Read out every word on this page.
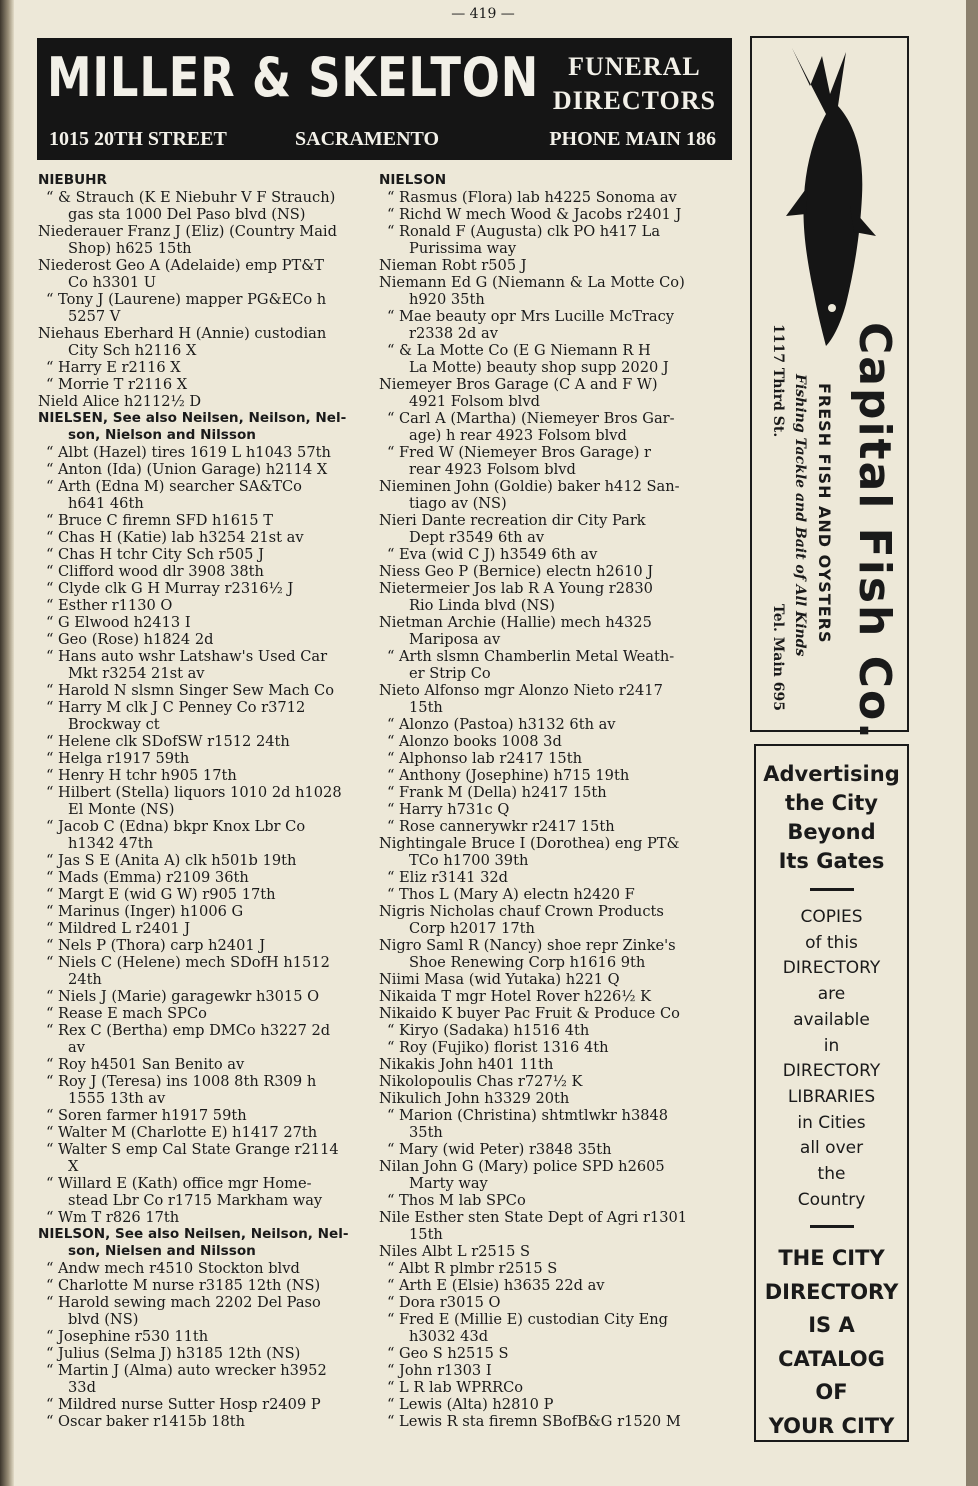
— 419 —
MILLER & SKELTON	FUNERAL
DIRECTORS
1015 20TH STREET	SACRAMENTO	PHONE MAIN 186
NIEBUHR
“ & Strauch (K E Niebuhr V F Strauch)
gas sta 1000 Del Paso blvd (NS)
Niederauer Franz J (Eliz) (Country Maid
Shop) h625 15th
Niederost Geo A (Adelaide) emp PT&T
Co h3301 U
“ Tony J (Laurene) mapper PG&ECo h
5257 V
Niehaus Eberhard H (Annie) custodian
City Sch h2116 X
“ Harry E r2116 X
“ Morrie T r2116 X
Nield Alice h2112½ D
NIELSEN, See also Neilsen, Neilson, Nel-
son, Nielson and Nilsson
“ Albt (Hazel) tires 1619 L h1043 57th
“ Anton (Ida) (Union Garage) h2114 X
“ Arth (Edna M) searcher SA&TCo
h641 46th
“ Bruce C firemn SFD h1615 T
“ Chas H (Katie) lab h3254 21st av
“ Chas H tchr City Sch r505 J
“ Clifford wood dlr 3908 38th
“ Clyde clk G H Murray r2316½ J
“ Esther r1130 O
“ G Elwood h2413 I
“ Geo (Rose) h1824 2d
“ Hans auto wshr Latshaw's Used Car
Mkt r3254 21st av
“ Harold N slsmn Singer Sew Mach Co
“ Harry M clk J C Penney Co r3712
Brockway ct
“ Helene clk SDofSW r1512 24th
“ Helga r1917 59th
“ Henry H tchr h905 17th
“ Hilbert (Stella) liquors 1010 2d h1028
El Monte (NS)
“ Jacob C (Edna) bkpr Knox Lbr Co
h1342 47th
“ Jas S E (Anita A) clk h501b 19th
“ Mads (Emma) r2109 36th
“ Margt E (wid G W) r905 17th
“ Marinus (Inger) h1006 G
“ Mildred L r2401 J
“ Nels P (Thora) carp h2401 J
“ Niels C (Helene) mech SDofH h1512
24th
“ Niels J (Marie) garagewkr h3015 O
“ Rease E mach SPCo
“ Rex C (Bertha) emp DMCo h3227 2d
av
“ Roy h4501 San Benito av
“ Roy J (Teresa) ins 1008 8th R309 h
1555 13th av
“ Soren farmer h1917 59th
“ Walter M (Charlotte E) h1417 27th
“ Walter S emp Cal State Grange r2114
X
“ Willard E (Kath) office mgr Home-
stead Lbr Co r1715 Markham way
“ Wm T r826 17th
NIELSON, See also Neilsen, Neilson, Nel-
son, Nielsen and Nilsson
“ Andw mech r4510 Stockton blvd
“ Charlotte M nurse r3185 12th (NS)
“ Harold sewing mach 2202 Del Paso
blvd (NS)
“ Josephine r530 11th
“ Julius (Selma J) h3185 12th (NS)
“ Martin J (Alma) auto wrecker h3952
33d
“ Mildred nurse Sutter Hosp r2409 P
“ Oscar baker r1415b 18th
NIELSON
“ Rasmus (Flora) lab h4225 Sonoma av
“ Richd W mech Wood & Jacobs r2401 J
“ Ronald F (Augusta) clk PO h417 La
Purissima way
Nieman Robt r505 J
Niemann Ed G (Niemann & La Motte Co)
h920 35th
“ Mae beauty opr Mrs Lucille McTracy
r2338 2d av
“ & La Motte Co (E G Niemann R H
La Motte) beauty shop supp 2020 J
Niemeyer Bros Garage (C A and F W)
4921 Folsom blvd
“ Carl A (Martha) (Niemeyer Bros Gar-
age) h rear 4923 Folsom blvd
“ Fred W (Niemeyer Bros Garage) r
rear 4923 Folsom blvd
Nieminen John (Goldie) baker h412 San-
tiago av (NS)
Nieri Dante recreation dir City Park
Dept r3549 6th av
“ Eva (wid C J) h3549 6th av
Niess Geo P (Bernice) electn h2610 J
Nietermeier Jos lab R A Young r2830
Rio Linda blvd (NS)
Nietman Archie (Hallie) mech h4325
Mariposa av
“ Arth slsmn Chamberlin Metal Weath-
er Strip Co
Nieto Alfonso mgr Alonzo Nieto r2417
15th
“ Alonzo (Pastoa) h3132 6th av
“ Alonzo books 1008 3d
“ Alphonso lab r2417 15th
“ Anthony (Josephine) h715 19th
“ Frank M (Della) h2417 15th
“ Harry h731c Q
“ Rose cannerywkr r2417 15th
Nightingale Bruce I (Dorothea) eng PT&
TCo h1700 39th
“ Eliz r3141 32d
“ Thos L (Mary A) electn h2420 F
Nigris Nicholas chauf Crown Products
Corp h2017 17th
Nigro Saml R (Nancy) shoe repr Zinke's
Shoe Renewing Corp h1616 9th
Niimi Masa (wid Yutaka) h221 Q
Nikaida T mgr Hotel Rover h226½ K
Nikaido K buyer Pac Fruit & Produce Co
“ Kiryo (Sadaka) h1516 4th
“ Roy (Fujiko) florist 1316 4th
Nikakis John h401 11th
Nikolopoulis Chas r727½ K
Nikulich John h3329 20th
“ Marion (Christina) shtmtlwkr h3848
35th
“ Mary (wid Peter) r3848 35th
Nilan John G (Mary) police SPD h2605
Marty way
“ Thos M lab SPCo
Nile Esther sten State Dept of Agri r1301
15th
Niles Albt L r2515 S
“ Albt R plmbr r2515 S
“ Arth E (Elsie) h3635 22d av
“ Dora r3015 O
“ Fred E (Millie E) custodian City Eng
h3032 43d
“ Geo S h2515 S
“ John r1303 I
“ L R lab WPRRCo
“ Lewis (Alta) h2810 P
“ Lewis R sta firemn SBofB&G r1520 M
Capital Fish Co.
FRESH FISH AND OYSTERS
Fishing Tackle and Bait of All Kinds
1117 Third St.
Tel. Main 695
Advertising
the City
Beyond
Its Gates
COPIES
of this
DIRECTORY
are
available
in
DIRECTORY
LIBRARIES
in Cities
all over
the
Country
THE CITY
DIRECTORY
IS A
CATALOG
OF
YOUR CITY
